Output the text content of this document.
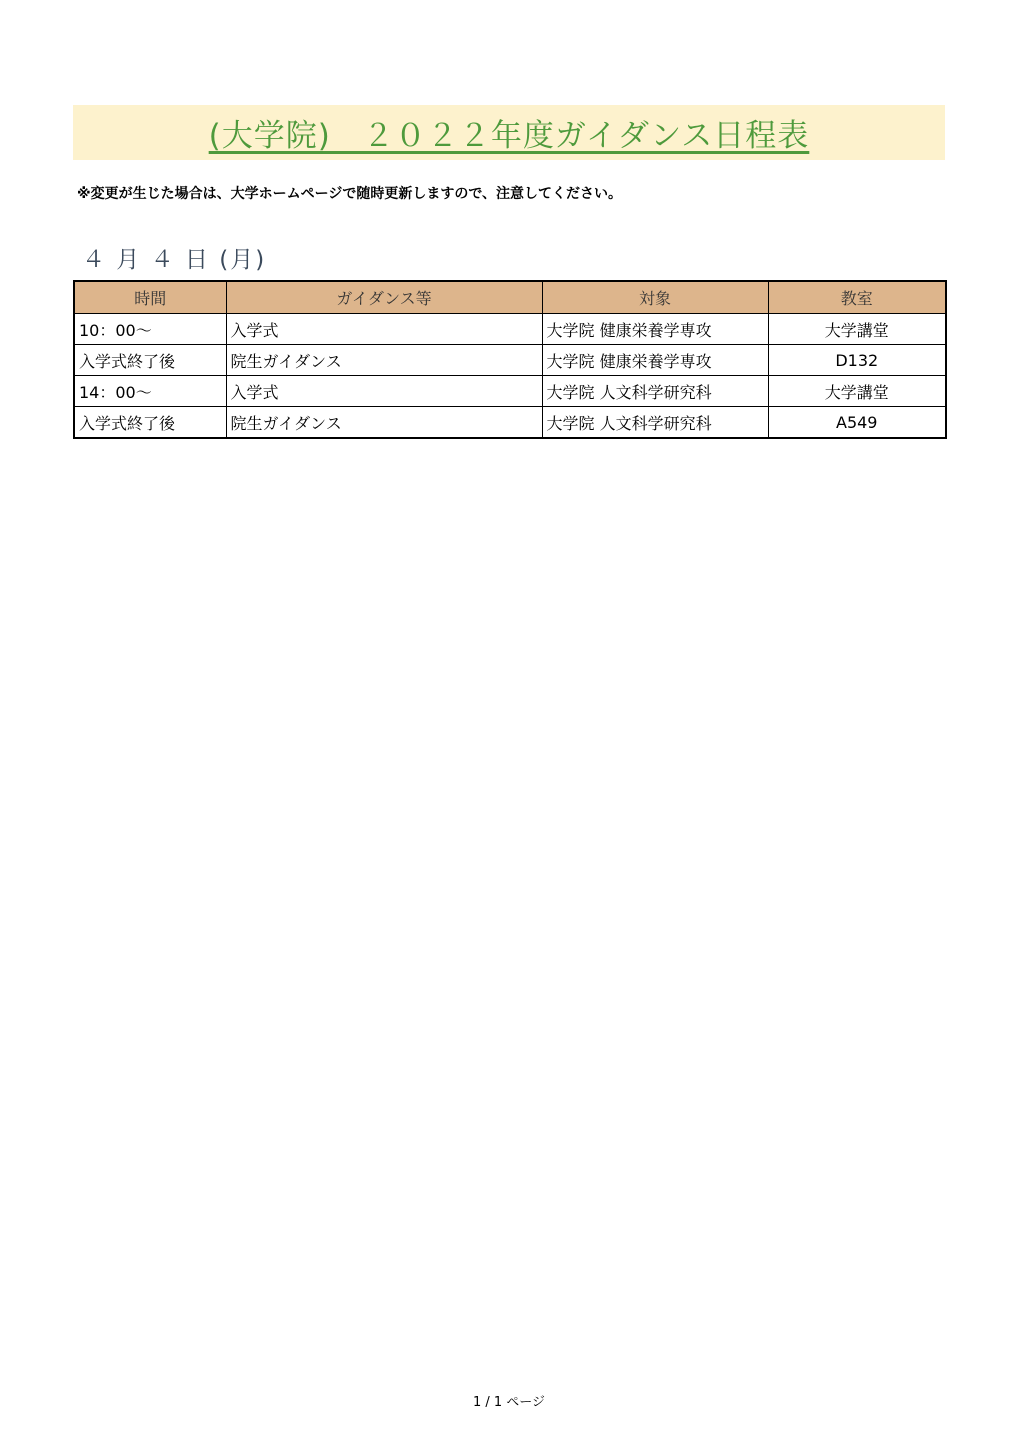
(大学院)　２０２２年度ガイダンス日程表
※変更が生じた場合は、大学ホームページで随時更新しますので、注意してください。
４ 月 ４ 日 (月)
時間	ガイダンス等	対象	教室
10：00～	入学式	大学院 健康栄養学専攻	大学講堂
入学式終了後	院生ガイダンス	大学院 健康栄養学専攻	D132
14：00～	入学式	大学院 人文科学研究科	大学講堂
入学式終了後	院生ガイダンス	大学院 人文科学研究科	A549
1 / 1 ページ
